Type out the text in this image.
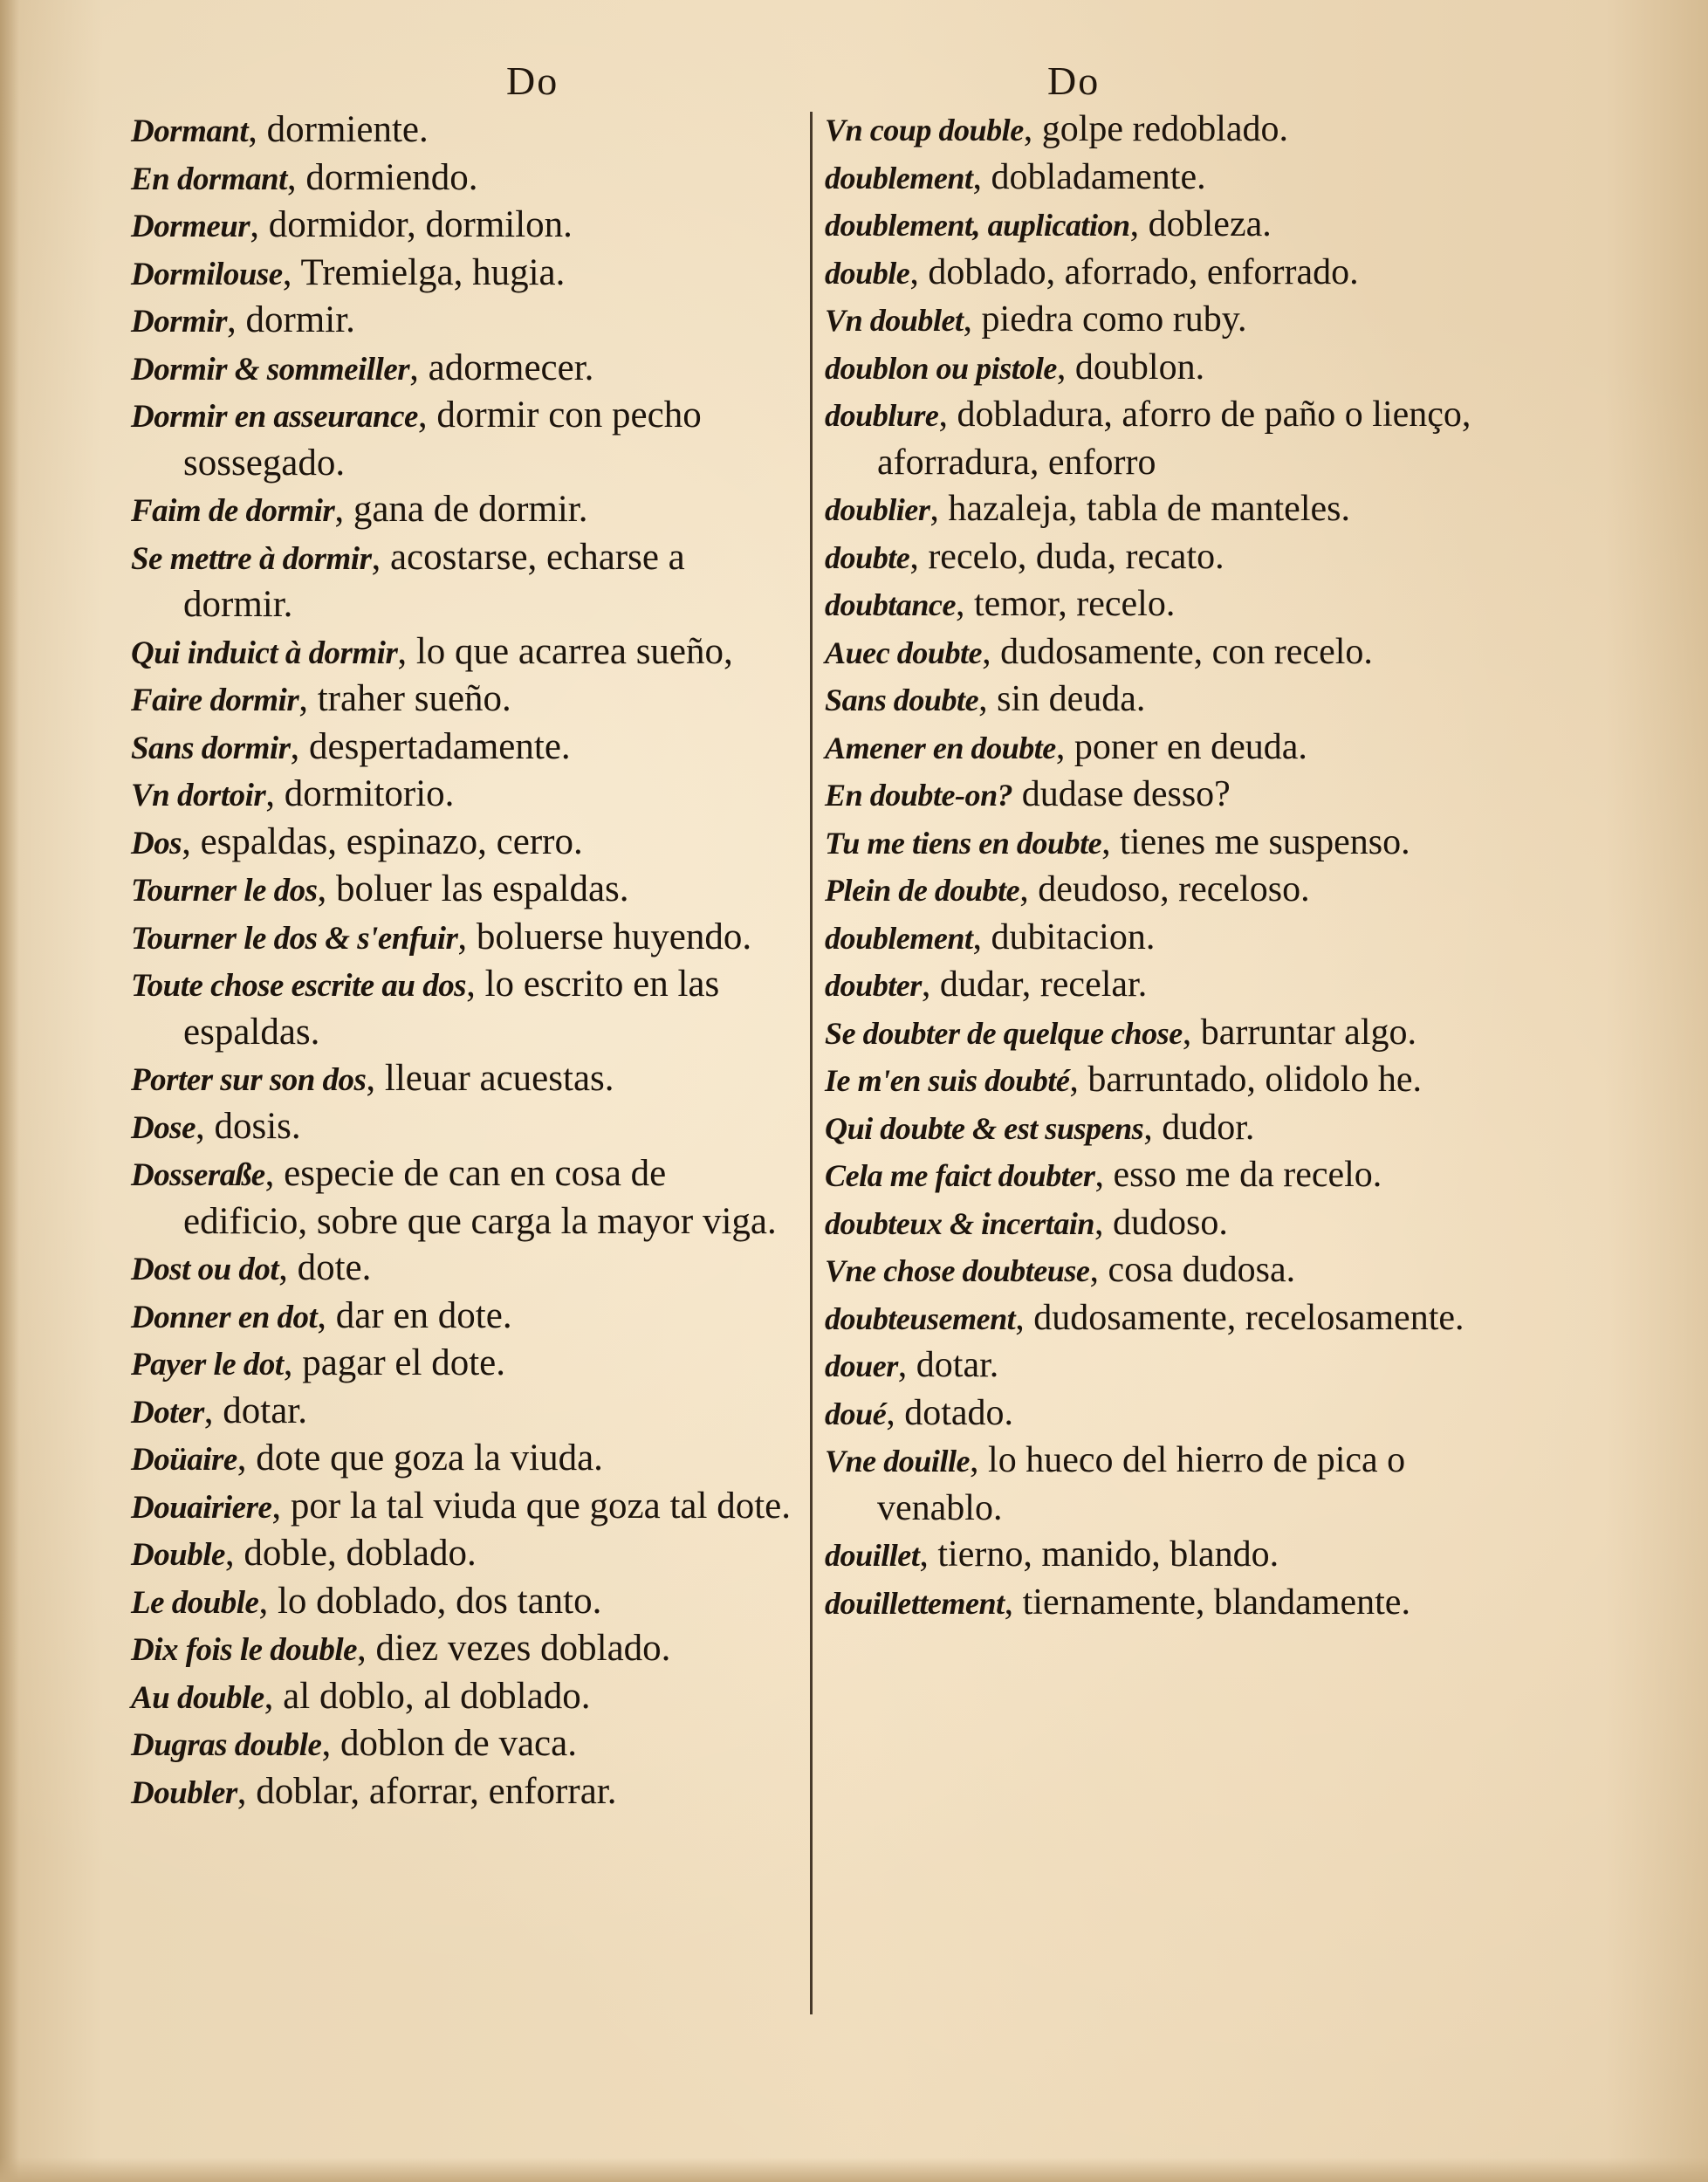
Do	Do
Dormant, dormiente.
En dormant, dormiendo.
Dormeur, dormidor, dormilon.
Dormilouse, Tremielga, hugia.
Dormir, dormir.
Dormir & sommeiller, adormecer.
Dormir en asseurance, dormir con pecho sossegado.
Faim de dormir, gana de dormir.
Se mettre à dormir, acostarse, echarse a dormir.
Qui induict à dormir, lo que acarrea sueño,
Faire dormir, traher sueño.
Sans dormir, despertadamente.
Vn dortoir, dormitorio.
Dos, espaldas, espinazo, cerro.
Tourner le dos, boluer las espaldas.
Tourner le dos & s'enfuir, boluerse huyendo.
Toute chose escrite au dos, lo escrito en las espaldas.
Porter sur son dos, lleuar acuestas.
Dose, dosis.
Dosseraße, especie de can en cosa de edificio, sobre que carga la mayor viga.
Dost ou dot, dote.
Donner en dot, dar en dote.
Payer le dot, pagar el dote.
Doter, dotar.
Doüaire, dote que goza la viuda.
Douairiere, por la tal viuda que goza tal dote.
Double, doble, doblado.
Le double, lo doblado, dos tanto.
Dix fois le double, diez vezes doblado.
Au double, al doblo, al doblado.
Dugras double, doblon de vaca.
Doubler, doblar, aforrar, enforrar.
Vn coup double, golpe redoblado.
doublement, dobladamente.
doublement, auplication, dobleza.
double, doblado, aforrado, enforrado.
Vn doublet, piedra como ruby.
doublon ou pistole, doublon.
doublure, dobladura, aforro de paño o lienço, aforradura, enforro
doublier, hazaleja, tabla de manteles.
doubte, recelo, duda, recato.
doubtance, temor, recelo.
Auec doubte, dudosamente, con recelo.
Sans doubte, sin deuda.
Amener en doubte, poner en deuda.
En doubte-on? dudase desso?
Tu me tiens en doubte, tienes me suspenso.
Plein de doubte, deudoso, receloso.
doublement, dubitacion.
doubter, dudar, recelar.
Se doubter de quelque chose, barruntar algo.
Ie m'en suis doubté, barruntado, olidolo he.
Qui doubte & est suspens, dudor.
Cela me faict doubter, esso me da recelo.
doubteux & incertain, dudoso.
Vne chose doubteuse, cosa dudosa.
doubteusement, dudosamente, recelosamente.
douer, dotar.
doué, dotado.
Vne douille, lo hueco del hierro de pica o venablo.
douillet, tierno, manido, blando.
douillettement, tiernamente, blandamente.
